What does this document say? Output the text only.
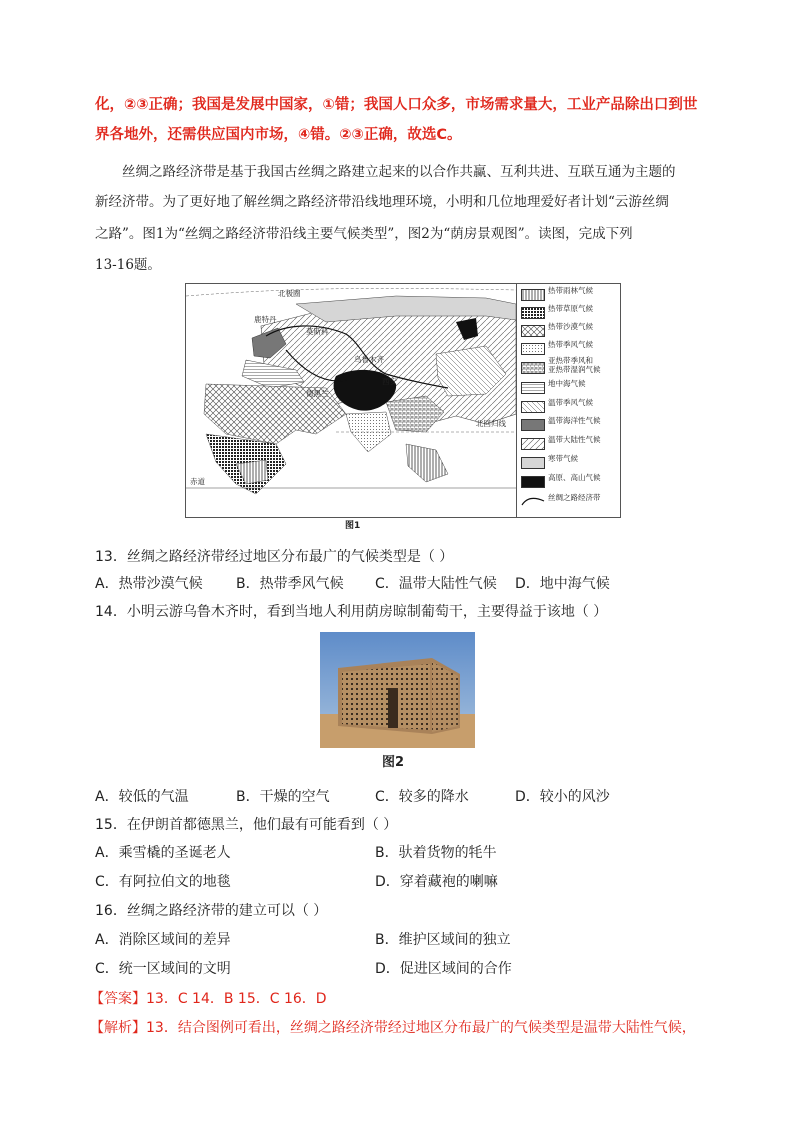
化，②③正确；我国是发展中国家，①错；我国人口众多，市场需求量大，工业产品除出口到世
界各地外，还需供应国内市场，④错。②③正确，故选C。
丝绸之路经济带是基于我国古丝绸之路建立起来的以合作共赢、互利共进、互联互通为主题的
新经济带。为了更好地了解丝绸之路经济带沿线地理环境，小明和几位地理爱好者计划“云游丝绸
之路”。图1为“丝绸之路经济带沿线主要气候类型”，图2为“荫房景观图”。读图，完成下列
13-16题。
北极圈
鹿特丹
莫斯科
乌鲁木齐
西安
德黑兰
北回归线
赤道
热带雨林气候
热带草原气候
热带沙漠气候
热带季风气候
亚热带季风和
亚热带湿润气候
地中海气候
温带季风气候
温带海洋性气候
温带大陆性气候
寒带气候
高原、高山气候
丝绸之路经济带
图1
13．丝绸之路经济带经过地区分布最广的气候类型是（ ）
A．热带沙漠气候 B．热带季风气候 C．温带大陆性气候 D．地中海气候
14．小明云游乌鲁木齐时，看到当地人利用荫房晾制葡萄干，主要得益于该地（ ）
图2
A．较低的气温	B．干燥的空气	C．较多的降水	D．较小的风沙
15．在伊朗首都德黑兰，他们最有可能看到（ ）
A．乘雪橇的圣诞老人	B．驮着货物的牦牛
C．有阿拉伯文的地毯	D．穿着藏袍的喇嘛
16．丝绸之路经济带的建立可以（ ）
A．消除区域间的差异	B．维护区域间的独立
C．统一区域间的文明	D．促进区域间的合作
【答案】13．C 14．B 15．C 16．D
【解析】13．结合图例可看出，丝绸之路经济带经过地区分布最广的气候类型是温带大陆性气候，
